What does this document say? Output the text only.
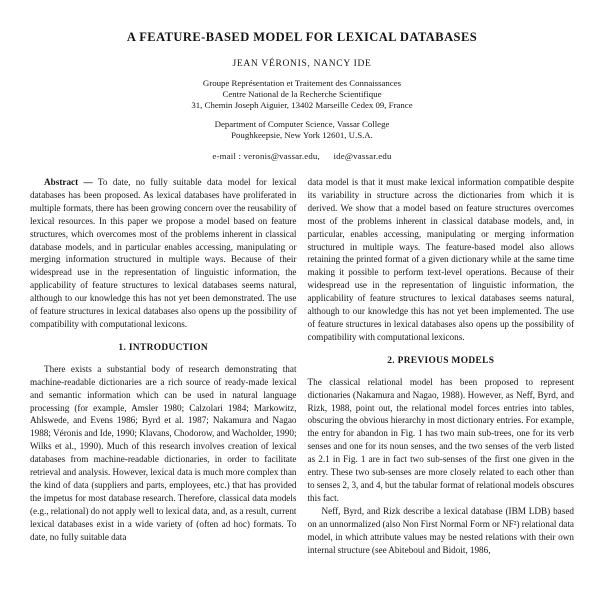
A FEATURE-BASED MODEL FOR LEXICAL DATABASES
JEAN VÉRONIS, NANCY IDE
Groupe Représentation et Traitement des Connaissances
Centre National de la Recherche Scientifique
31, Chemin Joseph Aiguier, 13402 Marseille Cedex 09, France
Department of Computer Science, Vassar College
Poughkeepsie, New York 12601, U.S.A.
e-mail : veronis@vassar.edu,  ide@vassar.edu

Abstract — To date, no fully suitable data model for lexical databases has been proposed. As lexical databases have proliferated in multiple formats, there has been growing concern over the reusability of lexical resources. In this paper we propose a model based on feature structures, which overcomes most of the problems inherent in classical database models, and in particular enables accessing, manipulating or merging information structured in multiple ways. Because of their widespread use in the representation of linguistic information, the applicability of feature structures to lexical databases seems natural, although to our knowledge this has not yet been demonstrated. The use of feature structures in lexical databases also opens up the possibility of compatibility with computational lexicons.

1. INTRODUCTION

There exists a substantial body of research demonstrating that machine-readable dictionaries are a rich source of ready-made lexical and semantic information which can be used in natural language processing (for example, Amsler 1980; Calzolari 1984; Markowitz, Ahlswede, and Evens 1986; Byrd et al. 1987; Nakamura and Nagao 1988; Véronis and Ide, 1990; Klavans, Chodorow, and Wacholder, 1990; Wilks et al., 1990). Much of this research involves creation of lexical databases from machine-readable dictionaries, in order to facilitate retrieval and analysis. However, lexical data is much more complex than the kind of data (suppliers and parts, employees, etc.) that has provided the impetus for most database research. Therefore, classical data models (e.g., relational) do not apply well to lexical data, and, as a result, current lexical databases exist in a wide variety of (often ad hoc) formats. To date, no fully suitable data

data model is that it must make lexical information compatible despite its variability in structure across the dictionaries from which it is derived. We show that a model based on feature structures overcomes most of the problems inherent in classical database models, and, in particular, enables accessing, manipulating or merging information structured in multiple ways. The feature-based model also allows retaining the printed format of a given dictionary while at the same time making it possible to perform text-level operations. Because of their widespread use in the representation of linguistic information, the applicability of feature structures to lexical databases seems natural, although to our knowledge this has not yet been implemented. The use of feature structures in lexical databases also opens up the possibility of compatibility with computational lexicons.

2. PREVIOUS MODELS

The classical relational model has been proposed to represent dictionaries (Nakamura and Nagao, 1988). However, as Neff, Byrd, and Rizk, 1988, point out, the relational model forces entries into tables, obscuring the obvious hierarchy in most dictionary entries. For example, the entry for abandon in Fig. 1 has two main sub-trees, one for its verb senses and one for its noun senses, and the two senses of the verb listed as 2.1 in Fig. 1 are in fact two sub-senses of the first one given in the entry. These two sub-senses are more closely related to each other than to senses 2, 3, and 4, but the tabular format of relational models obscures this fact.

Neff, Byrd, and Rizk describe a lexical database (IBM LDB) based on an unnormalized (also Non First Normal Form or NF²) relational data model, in which attribute values may be nested relations with their own internal structure (see Abiteboul and Bidoit, 1986,
